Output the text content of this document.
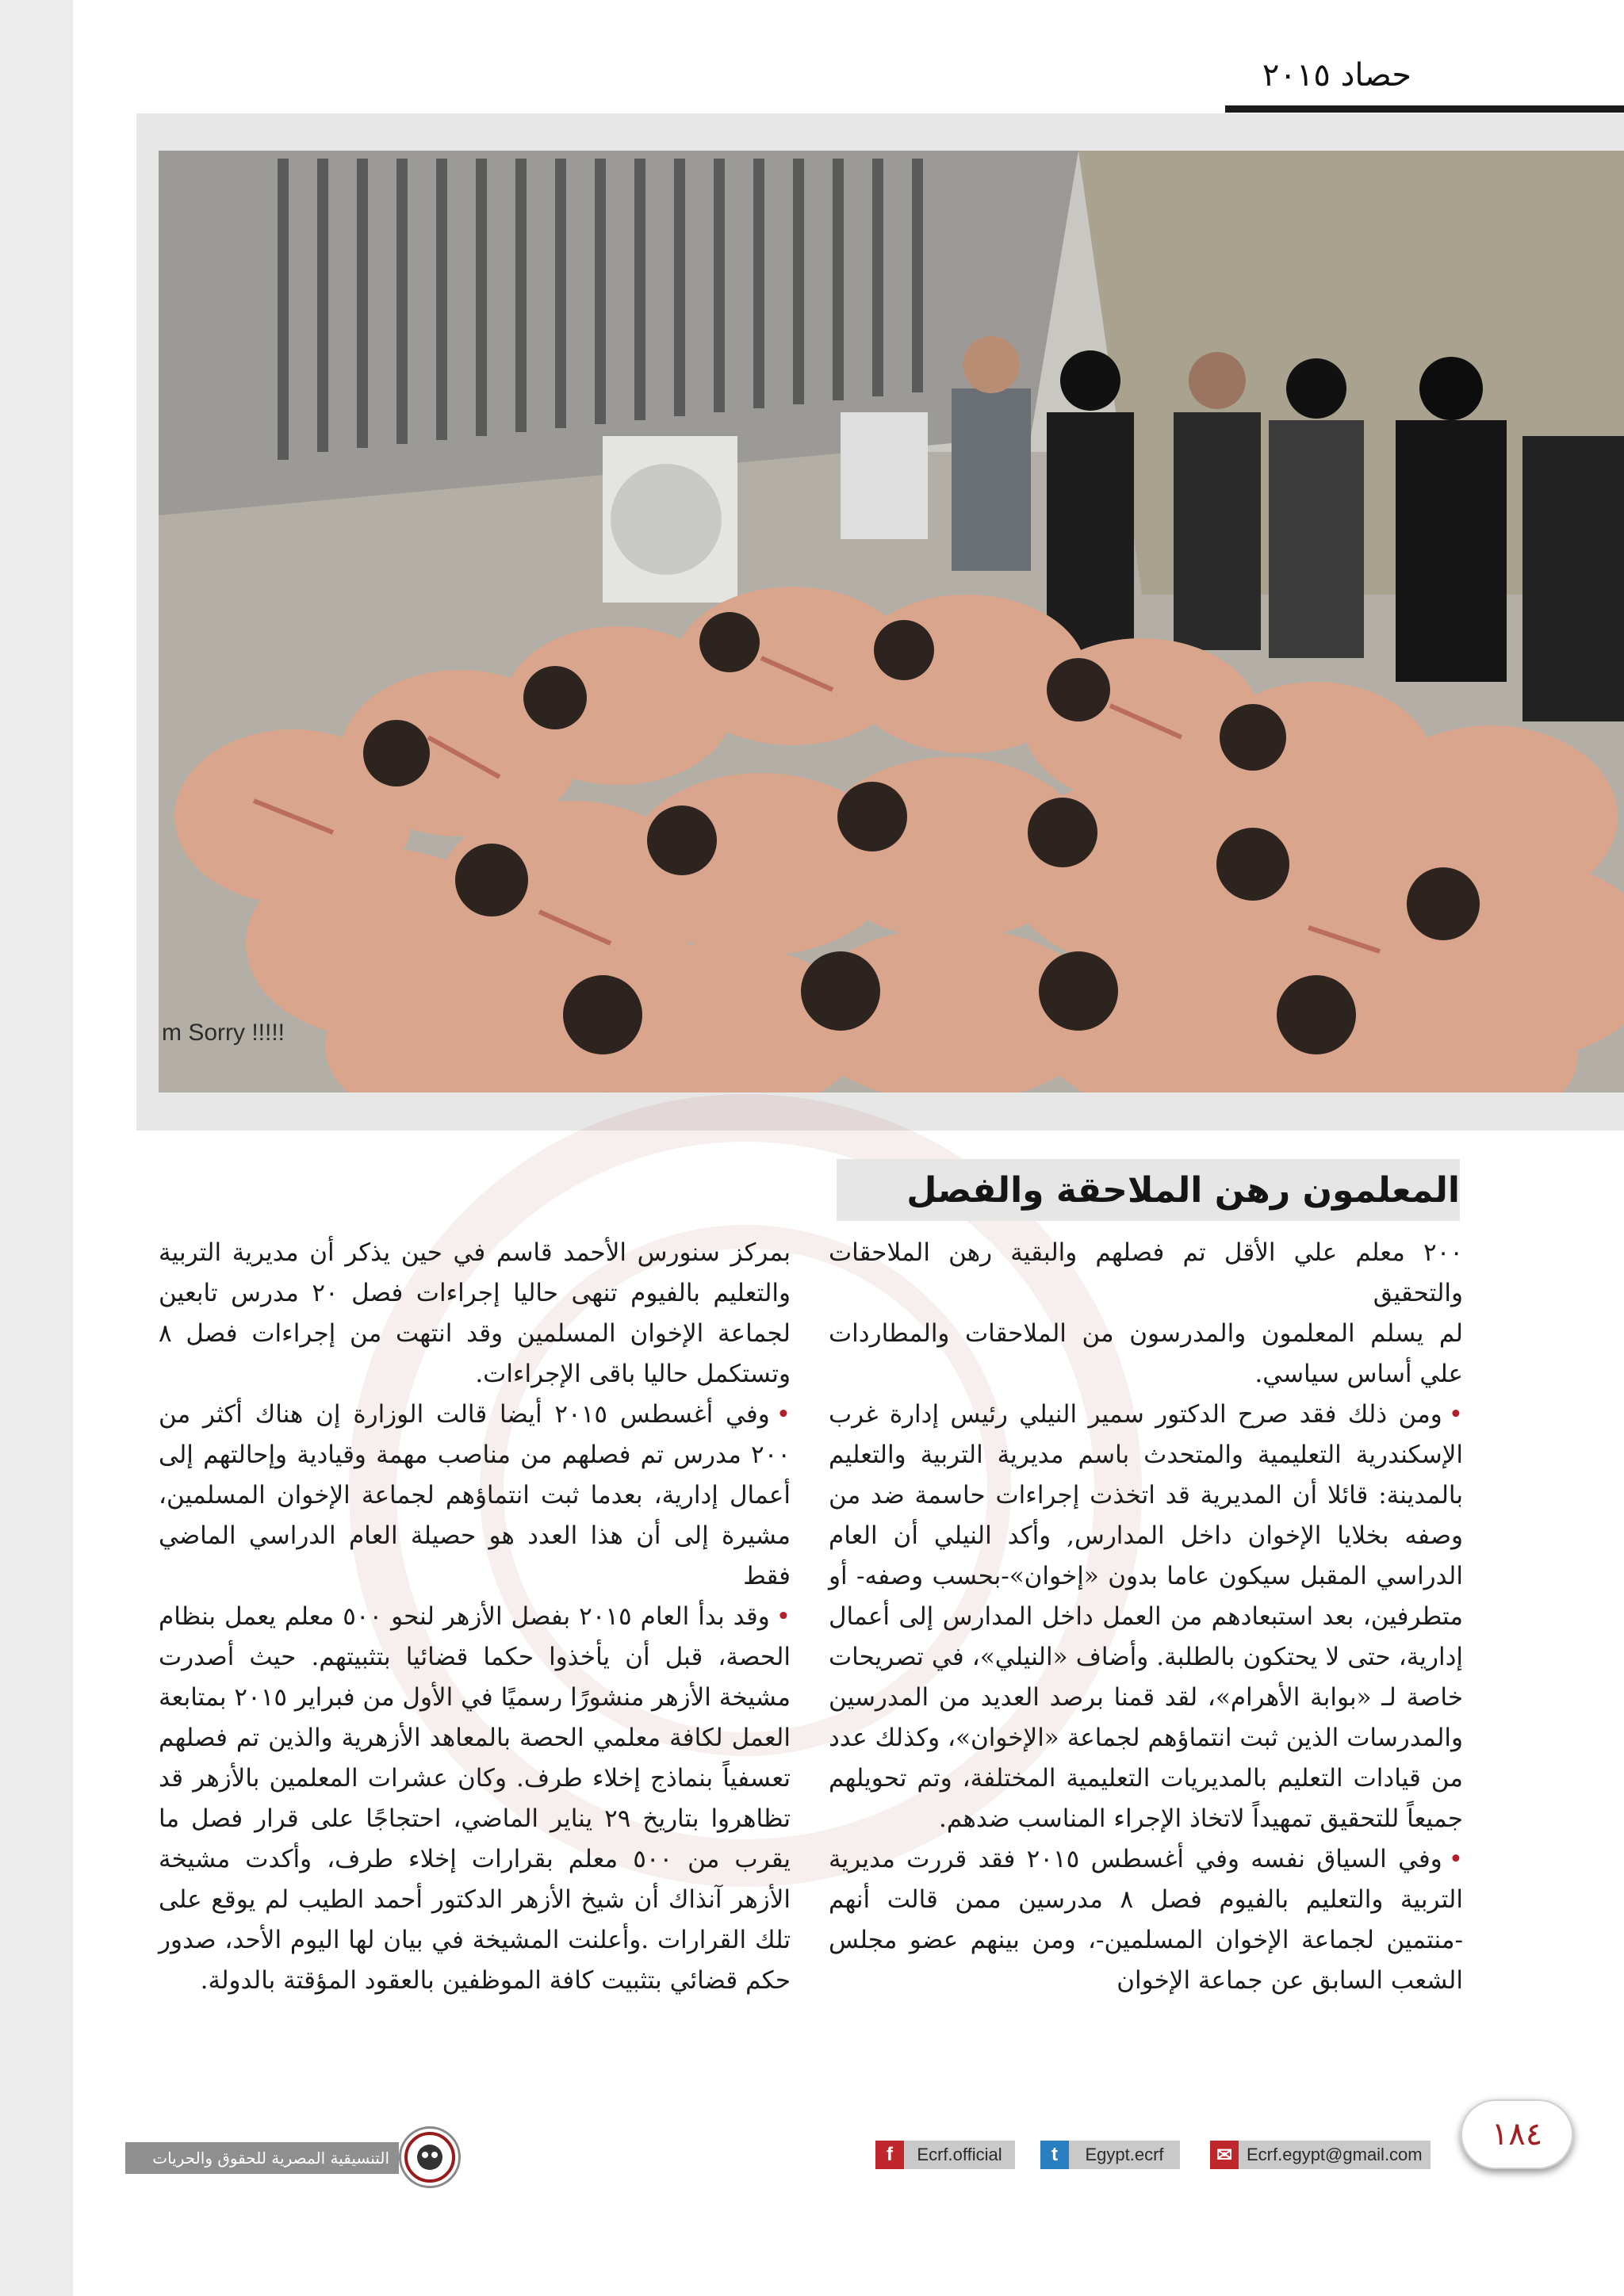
حصاد ٢٠١٥
m Sorry !!!!!
المعلمون رهن الملاحقة والفصل

٢٠٠ معلم علي الأقل تم فصلهم والبقية رهن الملاحقات والتحقيق

لم يسلم المعلمون والمدرسون من الملاحقات والمطاردات علي أساس سياسي.

•ومن ذلك فقد صرح الدكتور سمير النيلي رئيس إدارة غرب الإسكندرية التعليمية والمتحدث باسم مديرية التربية والتعليم بالمدينة: قائلا أن المديرية قد اتخذت إجراءات حاسمة ضد من وصفه بخلايا الإخوان داخل المدارس, وأكد النيلي أن العام الدراسي المقبل سيكون عاما بدون «إخوان»-بحسب وصفه- أو متطرفين، بعد استبعادهم من العمل داخل المدارس إلى أعمال إدارية، حتى لا يحتكون بالطلبة. وأضاف «النيلي»، في تصريحات خاصة لـ «بوابة الأهرام»، لقد قمنا برصد العديد من المدرسين والمدرسات الذين ثبت انتماؤهم لجماعة «الإخوان»، وكذلك عدد من قيادات التعليم بالمديريات التعليمية المختلفة، وتم تحويلهم جميعاً للتحقيق تمهيداً لاتخاذ الإجراء المناسب ضدهم.

•وفي السياق نفسه وفي أغسطس ٢٠١٥ فقد قررت مديرية التربية والتعليم بالفيوم فصل ٨ مدرسين ممن قالت أنهم -منتمين لجماعة الإخوان المسلمين-، ومن بينهم عضو مجلس الشعب السابق عن جماعة الإخوان

بمركز سنورس الأحمد قاسم في حين يذكر أن مديرية التربية والتعليم بالفيوم تنهى حاليا إجراءات فصل ٢٠ مدرس تابعين لجماعة الإخوان المسلمين وقد انتهت من إجراءات فصل ٨ وتستكمل حاليا باقى الإجراءات.

•وفي أغسطس ٢٠١٥ أيضا قالت الوزارة إن هناك أكثر من ٢٠٠ مدرس تم فصلهم من مناصب مهمة وقيادية وإحالتهم إلى أعمال إدارية، بعدما ثبت انتماؤهم لجماعة الإخوان المسلمين، مشيرة إلى أن هذا العدد هو حصيلة العام الدراسي الماضي فقط

•وقد بدأ العام ٢٠١٥ بفصل الأزهر لنحو ٥٠٠ معلم يعمل بنظام الحصة، قبل أن يأخذوا حكما قضائيا بتثبيتهم. حيث أصدرت مشيخة الأزهر منشورًا رسميًا في الأول من فبراير ٢٠١٥ بمتابعة العمل لكافة معلمي الحصة بالمعاهد الأزهرية والذين تم فصلهم تعسفياً بنماذج إخلاء طرف. وكان عشرات المعلمين بالأزهر قد تظاهروا بتاريخ ٢٩ يناير الماضي، احتجاجًا على قرار فصل ما يقرب من ٥٠٠ معلم بقرارات إخلاء طرف، وأكدت مشيخة الأزهر آنذاك أن شيخ الأزهر الدكتور أحمد الطيب لم يوقع على تلك القرارات .وأعلنت المشيخة في بيان لها اليوم الأحد، صدور حكم قضائي بتثبيت كافة الموظفين بالعقود المؤقتة بالدولة.

١٨٤
✉ Ecrf.egypt@gmail.com
t	Egypt.ecrf
f	Ecrf.official
التنسيقية المصرية للحقوق والحريات
